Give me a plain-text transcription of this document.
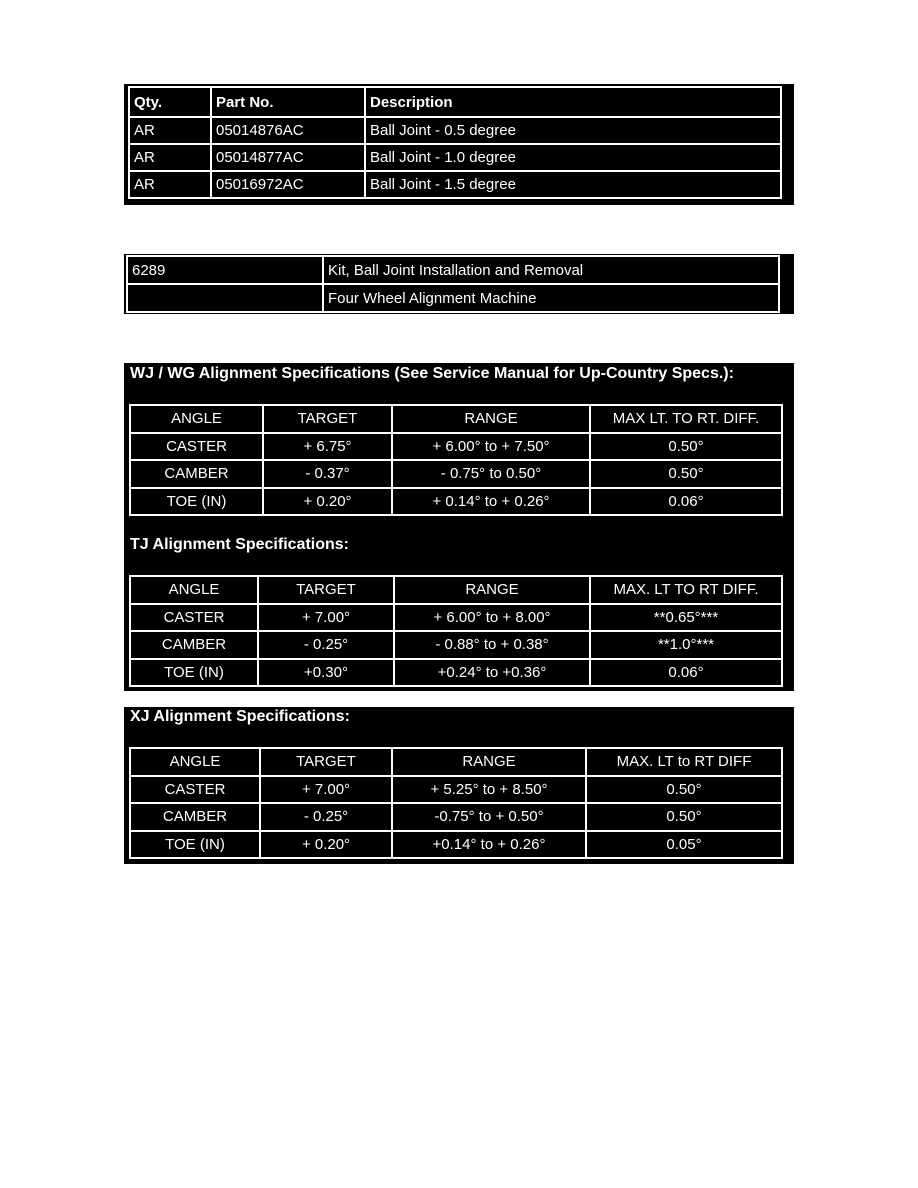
Qty.	Part No.	Description
AR	05014876AC	Ball Joint - 0.5 degree
AR	05014877AC	Ball Joint - 1.0 degree
AR	05016972AC	Ball Joint - 1.5 degree
6289	Kit, Ball Joint Installation and Removal
	Four Wheel Alignment Machine
WJ / WG Alignment Specifications (See Service Manual for Up-Country Specs.):
ANGLE	TARGET	RANGE	MAX LT. TO RT. DIFF.
CASTER	+ 6.75°	+ 6.00° to + 7.50°	0.50°
CAMBER	- 0.37°	- 0.75° to 0.50°	0.50°
TOE (IN)	+ 0.20°	+ 0.14° to + 0.26°	0.06°
TJ Alignment Specifications:
ANGLE	TARGET	RANGE	MAX. LT TO RT DIFF.
CASTER	+ 7.00°	+ 6.00° to + 8.00°	**0.65°***
CAMBER	- 0.25°	- 0.88° to + 0.38°	**1.0°***
TOE (IN)	+0.30°	+0.24° to +0.36°	0.06°
XJ Alignment Specifications:
ANGLE	TARGET	RANGE	MAX. LT to RT DIFF
CASTER	+ 7.00°	+ 5.25° to + 8.50°	0.50°
CAMBER	- 0.25°	-0.75° to + 0.50°	0.50°
TOE (IN)	+ 0.20°	+0.14° to + 0.26°	0.05°
